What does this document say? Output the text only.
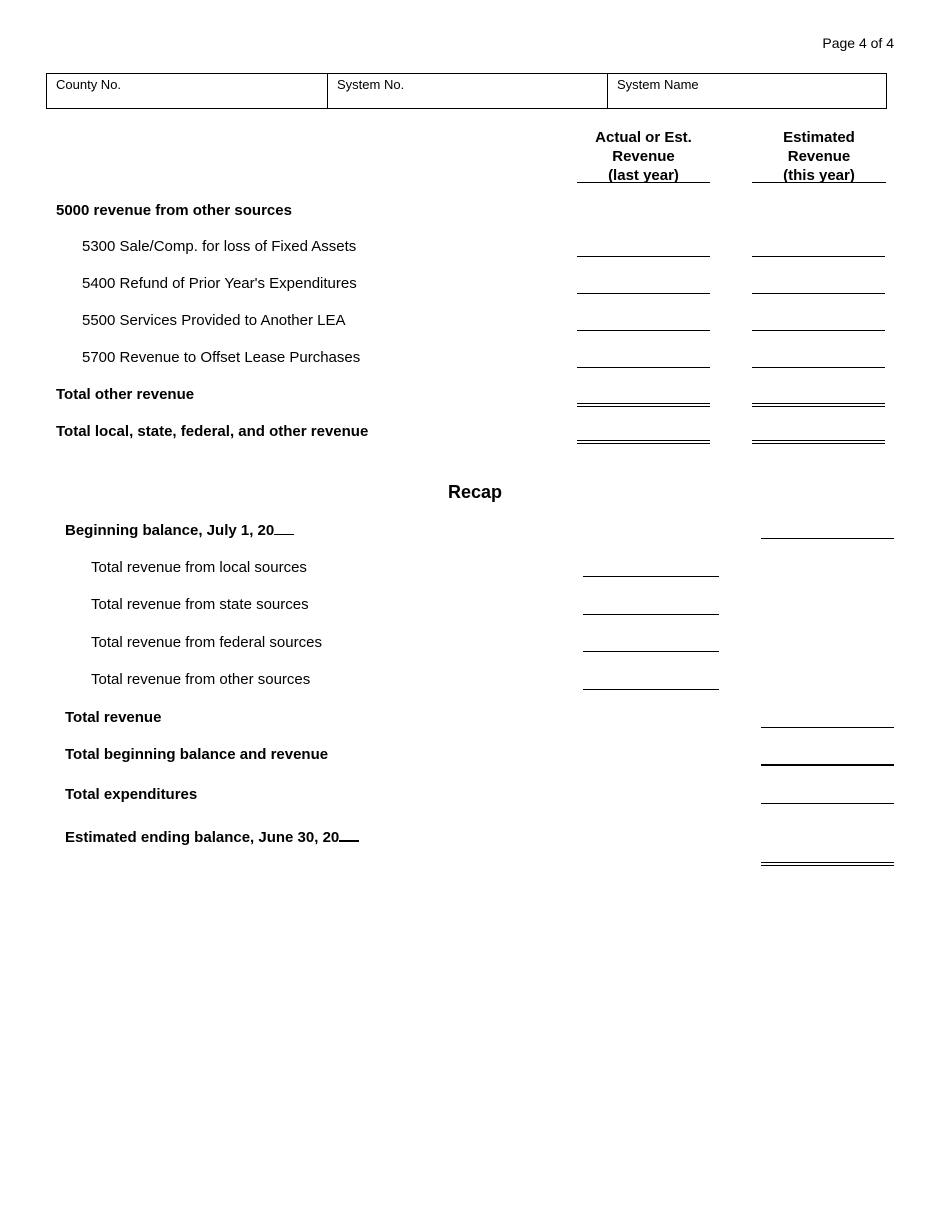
Page 4 of 4
County No.	System No.	System Name
Actual or Est.
Revenue
(last year)
Estimated
Revenue
(this year)
5000 revenue from other sources
5300 Sale/Comp. for loss of Fixed Assets
5400 Refund of Prior Year's Expenditures
5500 Services Provided to Another LEA
5700 Revenue to Offset Lease Purchases
Total other revenue
Total local, state, federal, and other revenue
Recap
Beginning balance, July 1, 20
Total revenue from local sources
Total revenue from state sources
Total revenue from federal sources
Total revenue from other sources
Total revenue
Total beginning balance and revenue
Total expenditures
Estimated ending balance, June 30, 20
